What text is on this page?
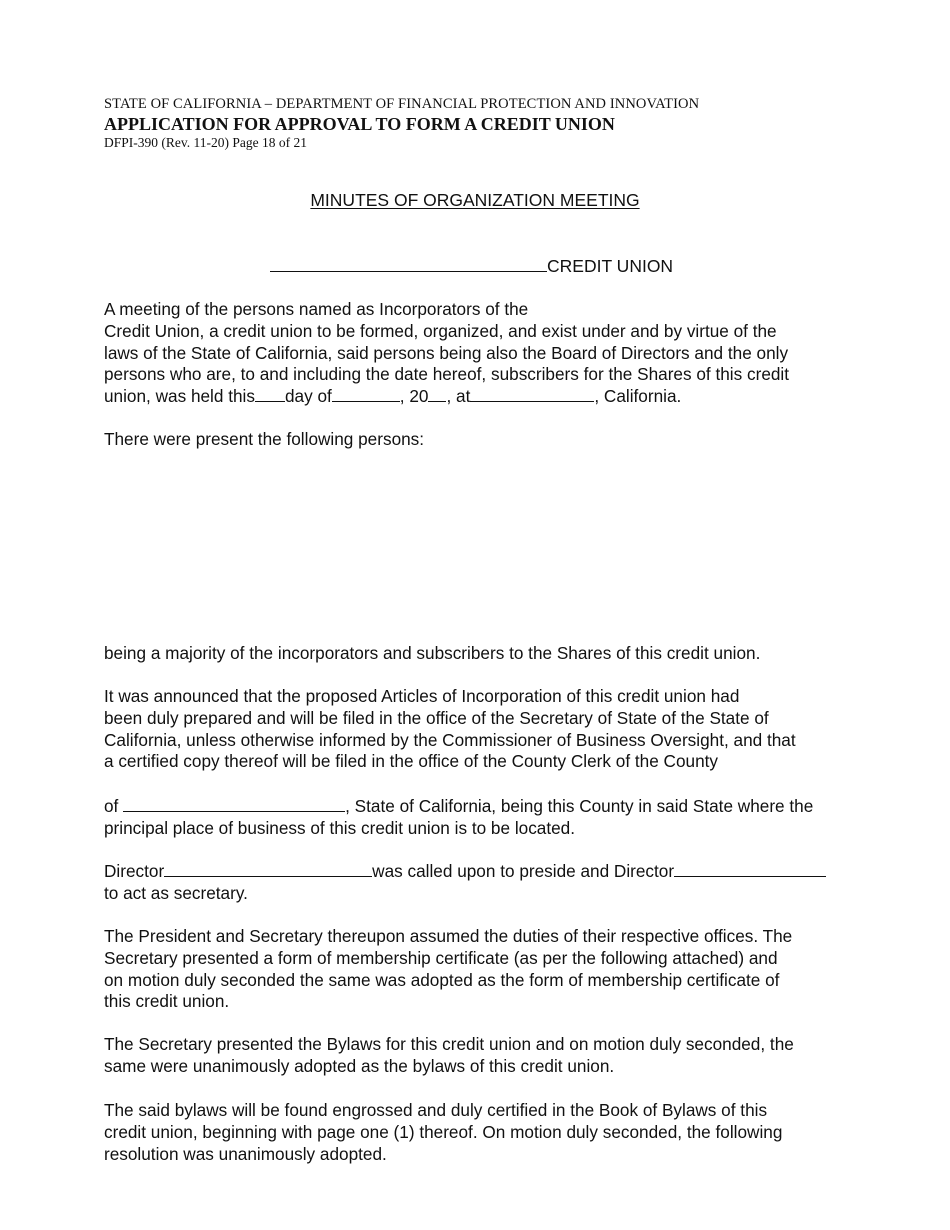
STATE OF CALIFORNIA – DEPARTMENT OF FINANCIAL PROTECTION AND INNOVATION
APPLICATION FOR APPROVAL TO FORM A CREDIT UNION
DFPI-390 (Rev. 11-20) Page 18 of 21
MINUTES OF ORGANIZATION MEETING
CREDIT UNION
A meeting of the persons named as Incorporators of the
Credit Union, a credit union to be formed, organized, and exist under and by virtue of the
laws of the State of California, said persons being also the Board of Directors and the only
persons who are, to and including the date hereof, subscribers for the Shares of this credit
union, was held this day of	, 20 , at	, California.
There were present the following persons:
being a majority of the incorporators and subscribers to the Shares of this credit union.
It was announced that the proposed Articles of Incorporation of this credit union had
been duly prepared and will be filed in the office of the Secretary of State of the State of
California, unless otherwise informed by the Commissioner of Business Oversight, and that
a certified copy thereof will be filed in the office of the County Clerk of the County
of	, State of California, being this County in said State where the
principal place of business of this credit union is to be located.
Director	was called upon to preside and Director
to act as secretary.
The President and Secretary thereupon assumed the duties of their respective offices. The
Secretary presented a form of membership certificate (as per the following attached) and
on motion duly seconded the same was adopted as the form of membership certificate of
this credit union.
The Secretary presented the Bylaws for this credit union and on motion duly seconded, the
same were unanimously adopted as the bylaws of this credit union.
The said bylaws will be found engrossed and duly certified in the Book of Bylaws of this
credit union, beginning with page one (1) thereof. On motion duly seconded, the following
resolution was unanimously adopted.
